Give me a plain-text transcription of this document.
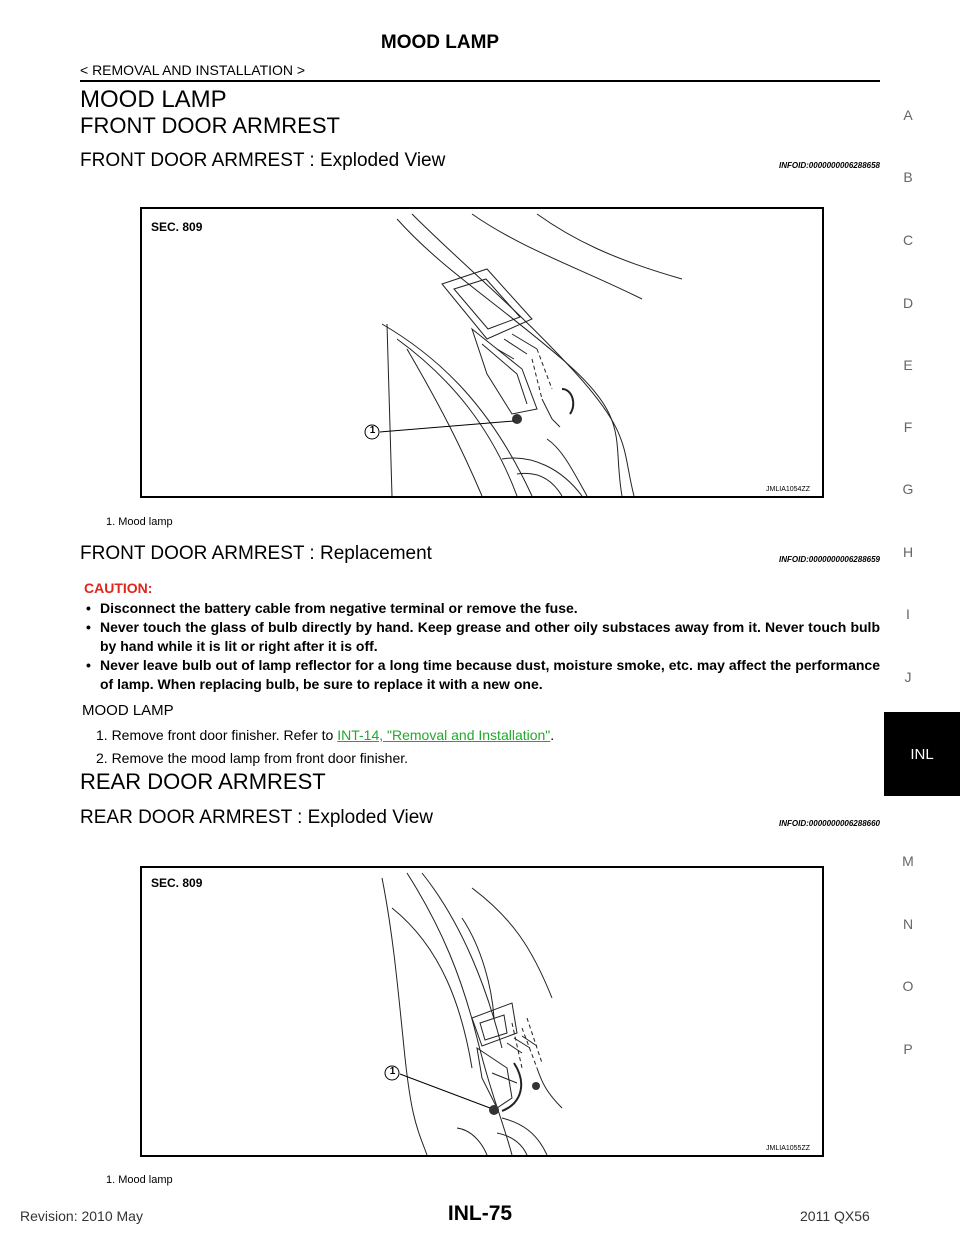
MOOD LAMP
< REMOVAL AND INSTALLATION >
MOOD LAMP
FRONT DOOR ARMREST
FRONT DOOR ARMREST : Exploded View	INFOID:0000000006288658
SEC. 809
1
JMLIA1054ZZ
1. Mood lamp
FRONT DOOR ARMREST : Replacement	INFOID:0000000006288659
CAUTION:
• Disconnect the battery cable from negative terminal or remove the fuse.
• Never touch the glass of bulb directly by hand. Keep grease and other oily substaces away from it. Never touch bulb by hand while it is lit or right after it is off.
• Never leave bulb out of lamp reflector for a long time because dust, moisture smoke, etc. may affect the performance of lamp. When replacing bulb, be sure to replace it with a new one.
MOOD LAMP
1. Remove front door finisher. Refer to INT-14, "Removal and Installation".
2. Remove the mood lamp from front door finisher.
REAR DOOR ARMREST
REAR DOOR ARMREST : Exploded View	INFOID:0000000006288660
SEC. 809
1
JMLIA1055ZZ
1. Mood lamp
A
B
C
D
E
F
G
H
I
J
INL
M
N
O
P
Revision: 2010 May	INL-75	2011 QX56
